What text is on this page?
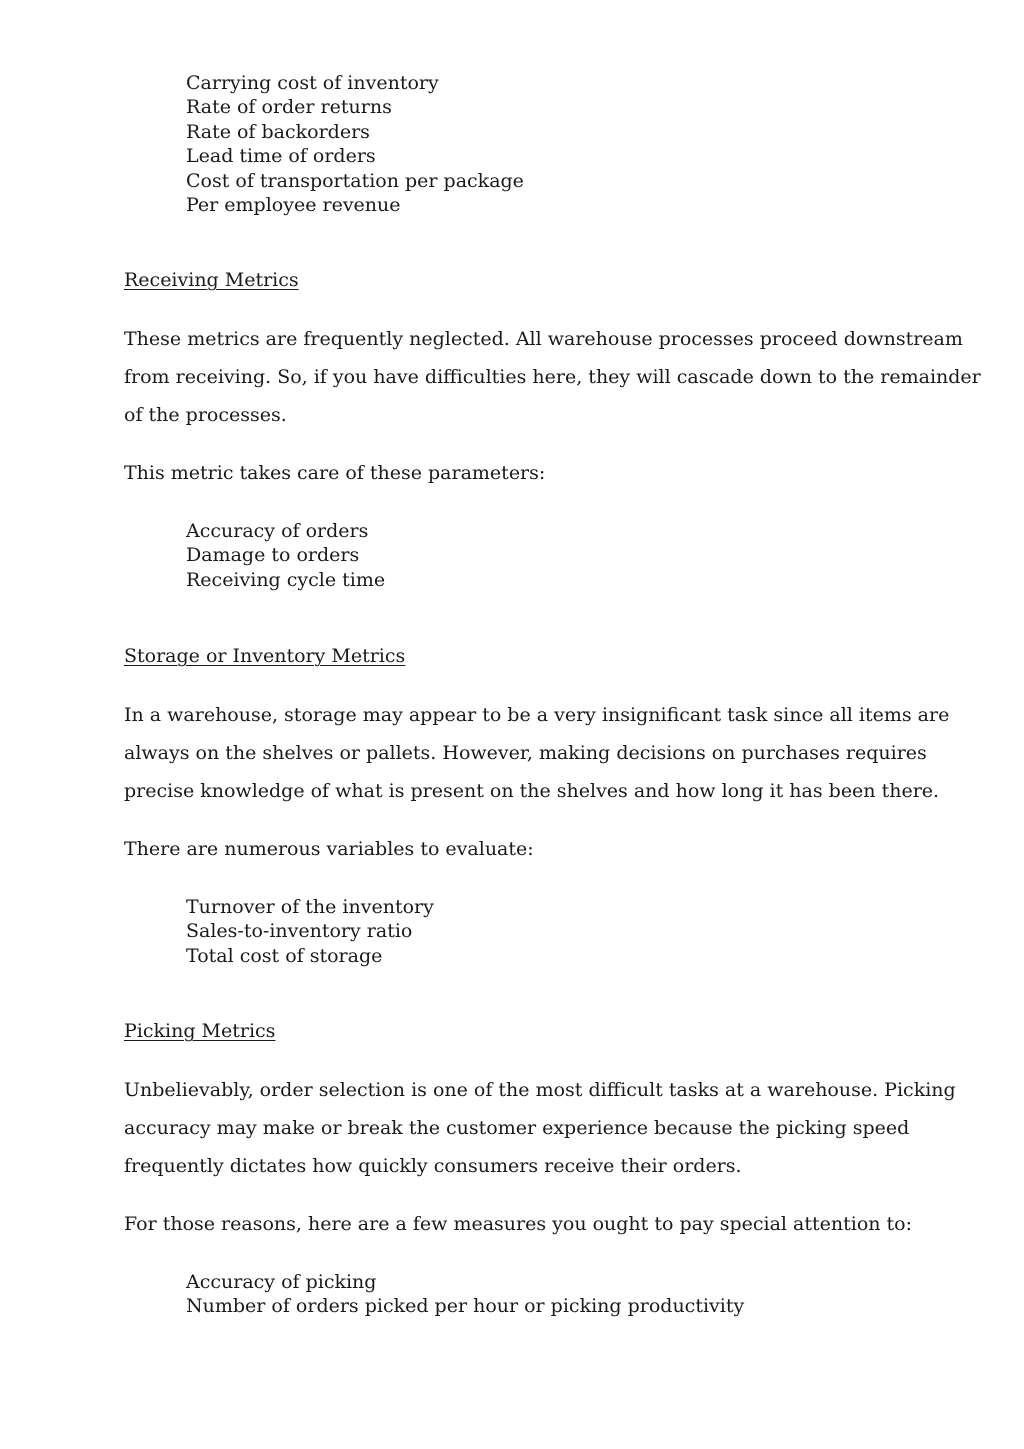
Carrying cost of inventory
Rate of order returns
Rate of backorders
Lead time of orders
Cost of transportation per package
Per employee revenue
Receiving Metrics

These metrics are frequently neglected. All warehouse processes proceed downstream
from receiving. So, if you have difficulties here, they will cascade down to the remainder
of the processes.

This metric takes care of these parameters:

Accuracy of orders
Damage to orders
Receiving cycle time
Storage or Inventory Metrics

In a warehouse, storage may appear to be a very insignificant task since all items are
always on the shelves or pallets. However, making decisions on purchases requires
precise knowledge of what is present on the shelves and how long it has been there.

There are numerous variables to evaluate:

Turnover of the inventory
Sales-to-inventory ratio
Total cost of storage
Picking Metrics

Unbelievably, order selection is one of the most difficult tasks at a warehouse. Picking
accuracy may make or break the customer experience because the picking speed
frequently dictates how quickly consumers receive their orders.

For those reasons, here are a few measures you ought to pay special attention to:

Accuracy of picking
Number of orders picked per hour or picking productivity
